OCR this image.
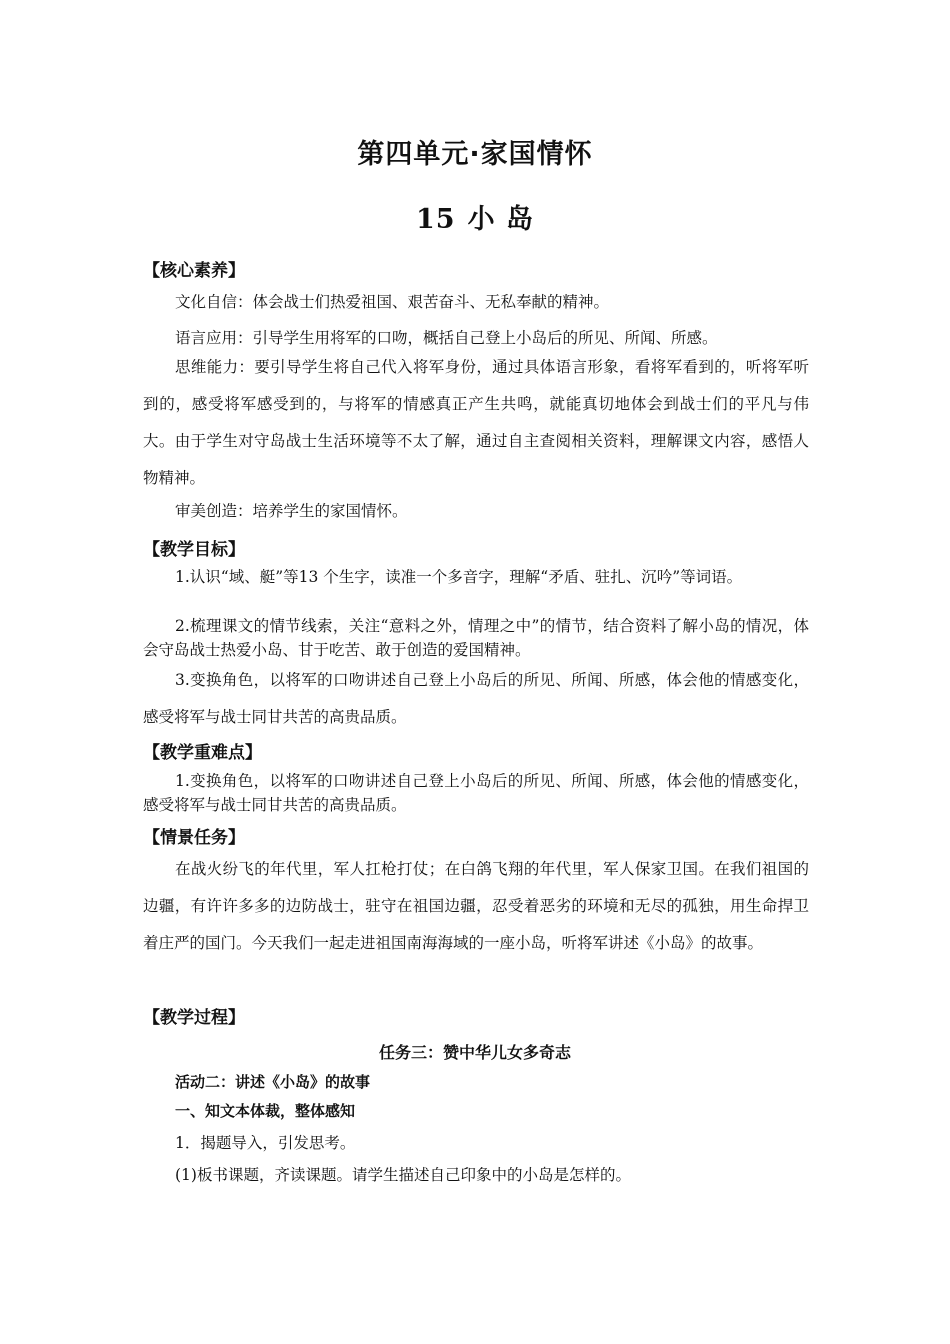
第四单元·家国情怀
15 小 岛
【核心素养】
文化自信：体会战士们热爱祖国、艰苦奋斗、无私奉献的精神。
语言应用：引导学生用将军的口吻，概括自己登上小岛后的所见、所闻、所感。
思维能力：要引导学生将自己代入将军身份，通过具体语言形象，看将军看到的，听将军听到的，感受将军感受到的，与将军的情感真正产生共鸣，就能真切地体会到战士们的平凡与伟大。由于学生对守岛战士生活环境等不太了解，通过自主查阅相关资料，理解课文内容，感悟人物精神。
审美创造：培养学生的家国情怀。
【教学目标】
1.认识“域、艇”等13 个生字，读准一个多音字，理解“矛盾、驻扎、沉吟”等词语。
2.梳理课文的情节线索，关注“意料之外，情理之中”的情节，结合资料了解小岛的情况，体会守岛战士热爱小岛、甘于吃苦、敢于创造的爱国精神。
3.变换角色，以将军的口吻讲述自己登上小岛后的所见、所闻、所感，体会他的情感变化，感受将军与战士同甘共苦的高贵品质。
【教学重难点】
1.变换角色，以将军的口吻讲述自己登上小岛后的所见、所闻、所感，体会他的情感变化，感受将军与战士同甘共苦的高贵品质。
【情景任务】
在战火纷飞的年代里，军人扛枪打仗；在白鸽飞翔的年代里，军人保家卫国。在我们祖国的边疆，有许许多多的边防战士，驻守在祖国边疆，忍受着恶劣的环境和无尽的孤独，用生命捍卫着庄严的国门。今天我们一起走进祖国南海海域的一座小岛，听将军讲述《小岛》的故事。
【教学过程】
任务三：赞中华儿女多奇志
活动二：讲述《小岛》的故事
一、知文本体裁，整体感知
1．揭题导入，引发思考。
(1)板书课题，齐读课题。请学生描述自己印象中的小岛是怎样的。
